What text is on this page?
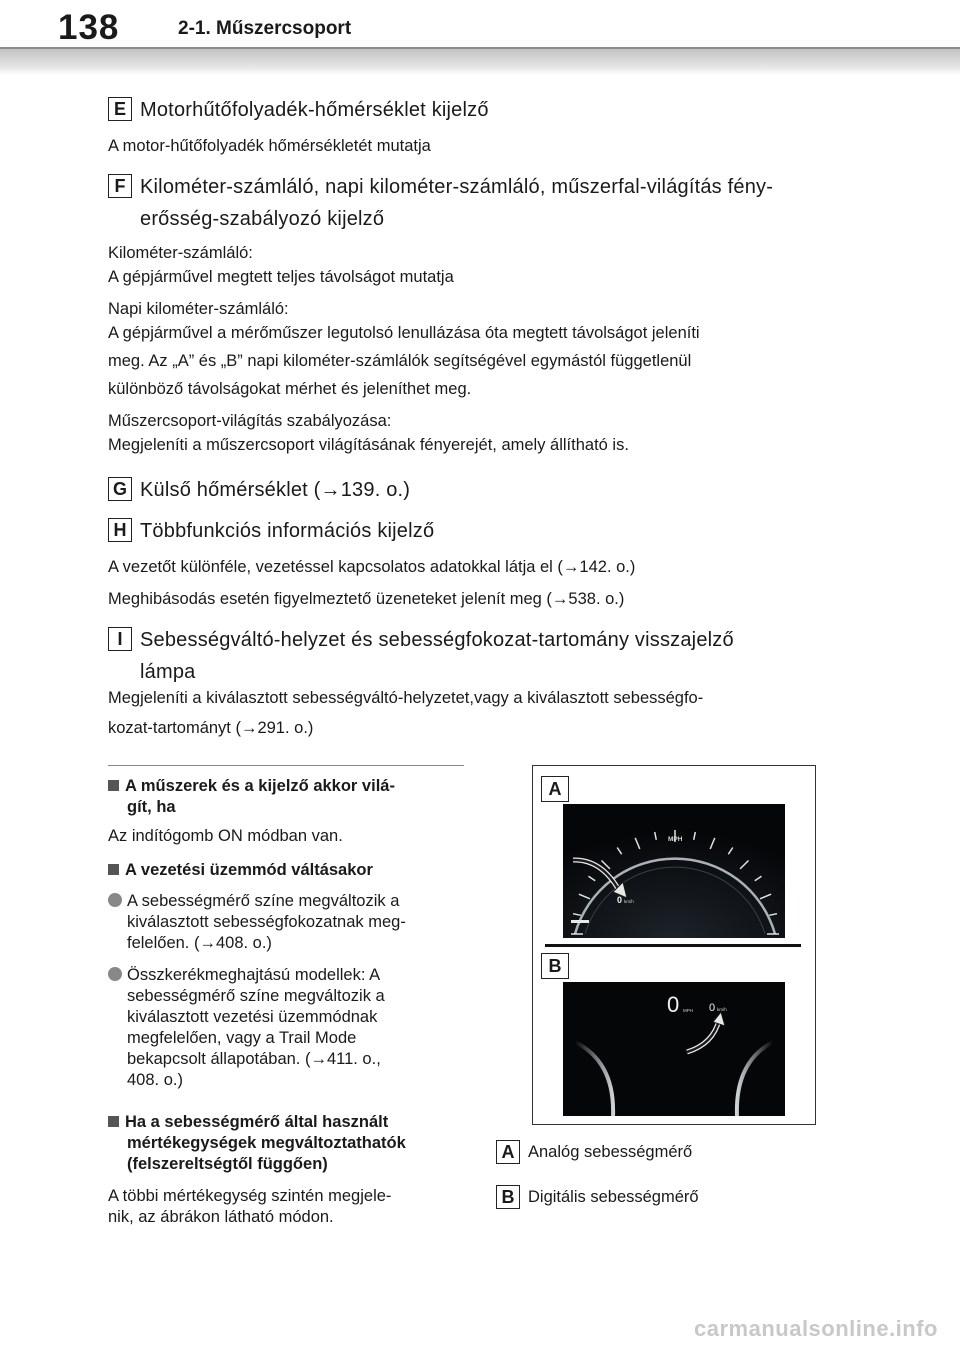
138	2-1. Műszercsoport
E Motorhűtőfolyadék-hőmérséklet kijelző
A motor-hűtőfolyadék hőmérsékletét mutatja
F Kilométer-számláló, napi kilométer-számláló, műszerfal-világítás fény-
erősség-szabályozó kijelző
Kilométer-számláló:
A gépjárművel megtett teljes távolságot mutatja
Napi kilométer-számláló:
A gépjárművel a mérőműszer legutolsó lenullázása óta megtett távolságot jeleníti
meg. Az „A” és „B” napi kilométer-számlálók segítségével egymástól függetlenül
különböző távolságokat mérhet és jeleníthet meg.
Műszercsoport-világítás szabályozása:
Megjeleníti a műszercsoport világításának fényerejét, amely állítható is.
G Külső hőmérséklet (→139. o.)
H Többfunkciós információs kijelző
A vezetőt különféle, vezetéssel kapcsolatos adatokkal látja el (→142. o.)
Meghibásodás esetén figyelmeztető üzeneteket jelenít meg (→538. o.)
I Sebességváltó-helyzet és sebességfokozat-tartomány visszajelző
lámpa
Megjeleníti a kiválasztott sebességváltó-helyzetet,vagy a kiválasztott sebességfo-
kozat-tartományt (→291. o.)
A műszerek és a kijelző akkor vilá-
gít, ha
Az indítógomb ON módban van.
A vezetési üzemmód váltásakor
A sebességmérő színe megváltozik a
kiválasztott sebességfokozatnak meg-
felelően. (→408. o.)
Összkerékmeghajtású modellek: A
sebességmérő színe megváltozik a
kiválasztott vezetési üzemmódnak
megfelelően, vagy a Trail Mode
bekapcsolt állapotában. (→411. o.,
408. o.)
Ha a sebességmérő által használt
mértékegységek megváltoztathatók
(felszereltségtől függően)
A többi mértékegység szintén megjele-
nik, az ábrákon látható módon.
A
MPH
0 km/h
B
0 MPH 0 km/h
A Analóg sebességmérő
B Digitális sebességmérő
carmanualsonline.info
